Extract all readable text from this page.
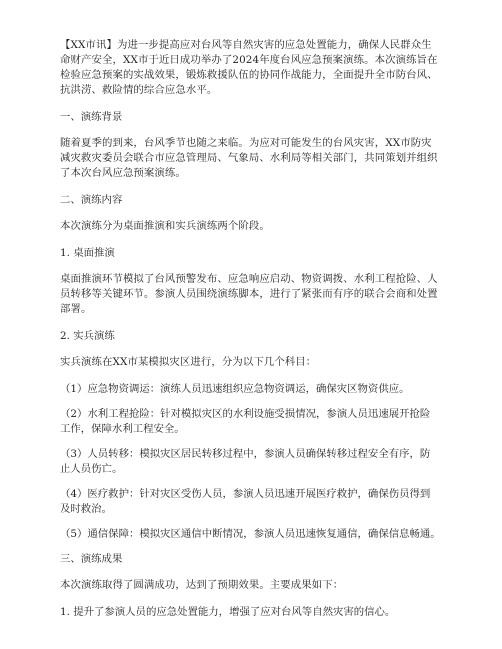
【XX市讯】为进一步提高应对台风等自然灾害的应急处置能力，确保人民群众生
命财产安全，XX市于近日成功举办了2024年度台风应急预案演练。本次演练旨在
检验应急预案的实战效果，锻炼救援队伍的协同作战能力，全面提升全市防台风、
抗洪涝、救险情的综合应急水平。
一、演练背景
随着夏季的到来，台风季节也随之来临。为应对可能发生的台风灾害，XX市防灾
减灾救灾委员会联合市应急管理局、气象局、水利局等相关部门，共同策划并组织
了本次台风应急预案演练。
二、演练内容
本次演练分为桌面推演和实兵演练两个阶段。
1. 桌面推演
桌面推演环节模拟了台风预警发布、应急响应启动、物资调拨、水利工程抢险、人
员转移等关键环节。参演人员围绕演练脚本，进行了紧张而有序的联合会商和处置
部署。
2. 实兵演练
实兵演练在XX市某模拟灾区进行，分为以下几个科目：
（1）应急物资调运：演练人员迅速组织应急物资调运，确保灾区物资供应。
（2）水利工程抢险：针对模拟灾区的水利设施受损情况，参演人员迅速展开抢险
工作，保障水利工程安全。
（3）人员转移：模拟灾区居民转移过程中，参演人员确保转移过程安全有序，防
止人员伤亡。
（4）医疗救护：针对灾区受伤人员，参演人员迅速开展医疗救护，确保伤员得到
及时救治。
（5）通信保障：模拟灾区通信中断情况，参演人员迅速恢复通信，确保信息畅通。
三、演练成果
本次演练取得了圆满成功，达到了预期效果。主要成果如下：
1. 提升了参演人员的应急处置能力，增强了应对台风等自然灾害的信心。
